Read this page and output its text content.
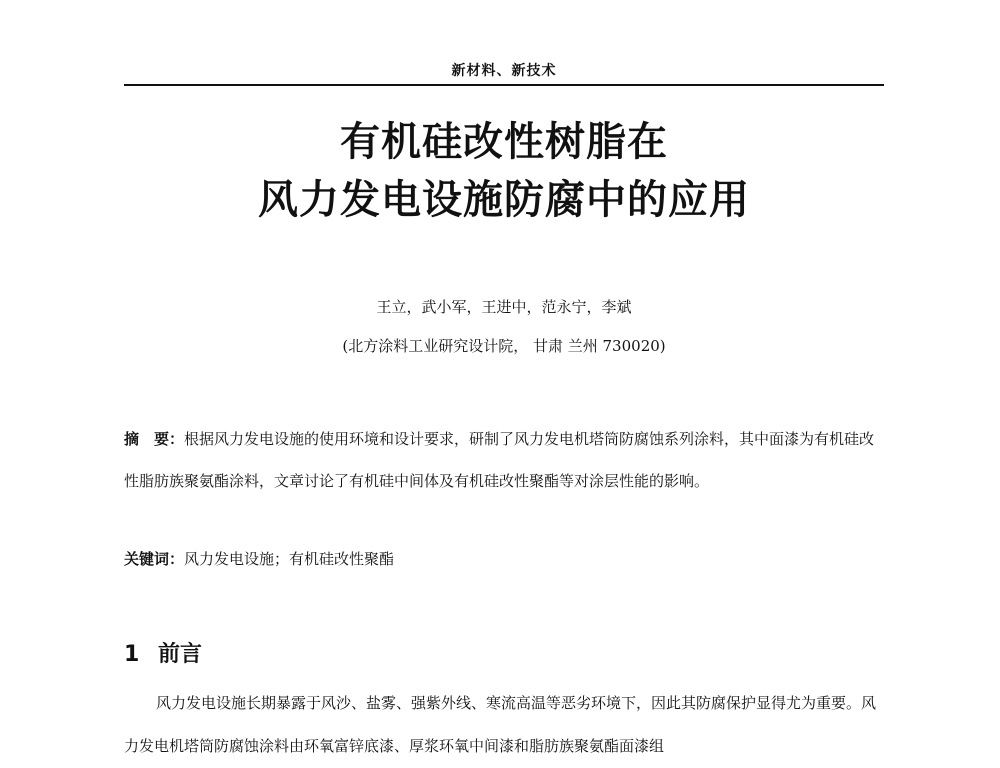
新材料、新技术
有机硅改性树脂在
风力发电设施防腐中的应用
王立，武小军，王进中，范永宁，李斌
(北方涂料工业研究设计院， 甘肃 兰州 730020)

摘　要：根据风力发电设施的使用环境和设计要求，研制了风力发电机塔筒防腐蚀系列涂料，其中面漆为有机硅改性脂肪族聚氨酯涂料，文章讨论了有机硅中间体及有机硅改性聚酯等对涂层性能的影响。

关键词：风力发电设施；有机硅改性聚酯
1 前言

风力发电设施长期暴露于风沙、盐雾、强紫外线、寒流高温等恶劣环境下，因此其防腐保护显得尤为重要。风力发电机塔筒防腐蚀涂料由环氧富锌底漆、厚浆环氧中间漆和脂肪族聚氨酯面漆组
